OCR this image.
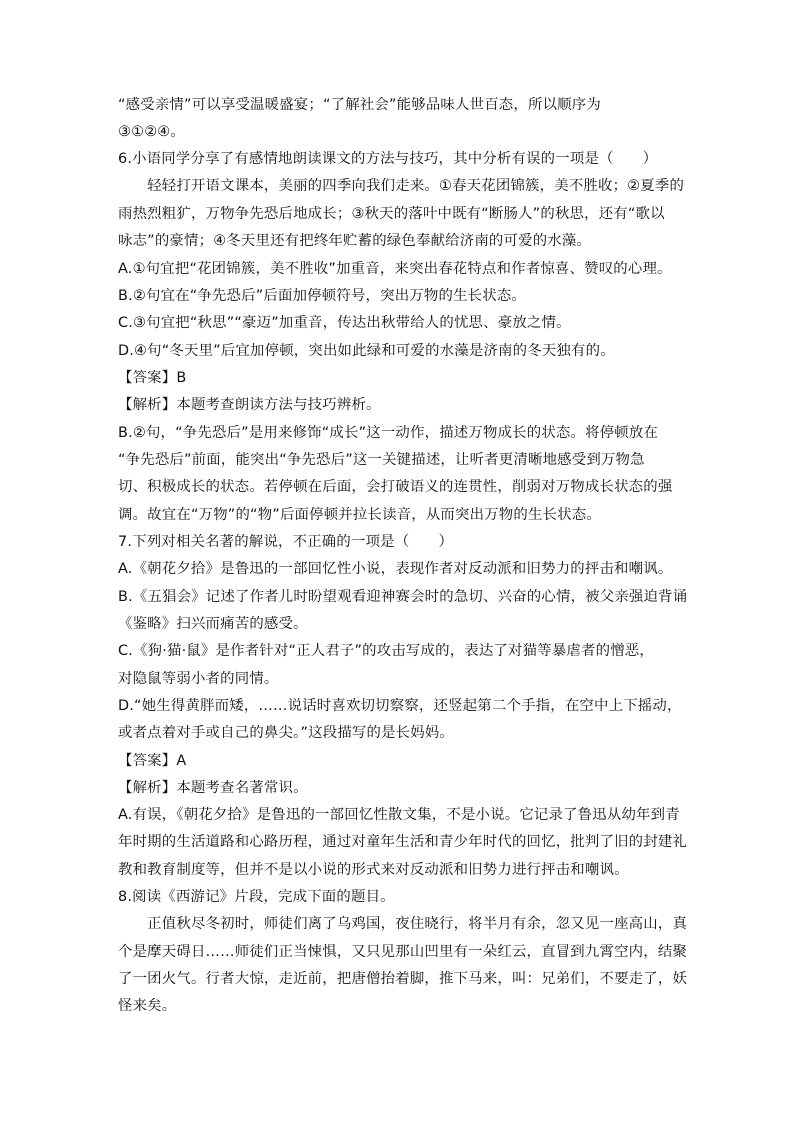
“感受亲情”可以享受温暖盛宴；“了解社会”能够品味人世百态，所以顺序为
③①②④。
6.小语同学分享了有感情地朗读课文的方法与技巧，其中分析有误的一项是（　　）
　　轻轻打开语文课本，美丽的四季向我们走来。①春天花团锦簇，美不胜收；②夏季的
雨热烈粗犷，万物争先恐后地成长；③秋天的落叶中既有“断肠人”的秋思，还有“歌以
咏志”的豪情；④冬天里还有把终年贮蓄的绿色奉献给济南的可爱的水藻。
A.①句宜把“花团锦簇，美不胜收”加重音，来突出春花特点和作者惊喜、赞叹的心理。
B.②句宜在“争先恐后”后面加停顿符号，突出万物的生长状态。
C.③句宜把“秋思”“豪迈”加重音，传达出秋带给人的忧思、豪放之情。
D.④句“冬天里”后宜加停顿，突出如此绿和可爱的水藻是济南的冬天独有的。
【答案】B
【解析】本题考查朗读方法与技巧辨析。
B.②句，“争先恐后”是用来修饰“成长”这一动作，描述万物成长的状态。将停顿放在
“争先恐后”前面，能突出“争先恐后”这一关键描述，让听者更清晰地感受到万物急
切、积极成长的状态。若停顿在后面，会打破语义的连贯性，削弱对万物成长状态的强
调。故宜在“万物”的“物”后面停顿并拉长读音，从而突出万物的生长状态。
7.下列对相关名著的解说，不正确的一项是（　　）
A.《朝花夕拾》是鲁迅的一部回忆性小说，表现作者对反动派和旧势力的抨击和嘲讽。
B.《五猖会》记述了作者儿时盼望观看迎神赛会时的急切、兴奋的心情，被父亲强迫背诵
《鉴略》扫兴而痛苦的感受。
C.《狗·猫·鼠》是作者针对“正人君子”的攻击写成的，表达了对猫等暴虐者的憎恶，
对隐鼠等弱小者的同情。
D.“她生得黄胖而矮，……说话时喜欢切切察察，还竖起第二个手指，在空中上下摇动，
或者点着对手或自己的鼻尖。”这段描写的是长妈妈。
【答案】A
【解析】本题考查名著常识。
A.有误，《朝花夕拾》是鲁迅的一部回忆性散文集，不是小说。它记录了鲁迅从幼年到青
年时期的生活道路和心路历程，通过对童年生活和青少年时代的回忆，批判了旧的封建礼
教和教育制度等，但并不是以小说的形式来对反动派和旧势力进行抨击和嘲讽。
8.阅读《西游记》片段，完成下面的题目。
　　正值秋尽冬初时，师徒们离了乌鸡国，夜住晓行，将半月有余，忽又见一座高山，真
个是摩天碍日……师徒们正当悚惧，又只见那山凹里有一朵红云，直冒到九霄空内，结聚
了一团火气。行者大惊，走近前，把唐僧抬着脚，推下马来，叫：兄弟们，不要走了，妖
怪来矣。
